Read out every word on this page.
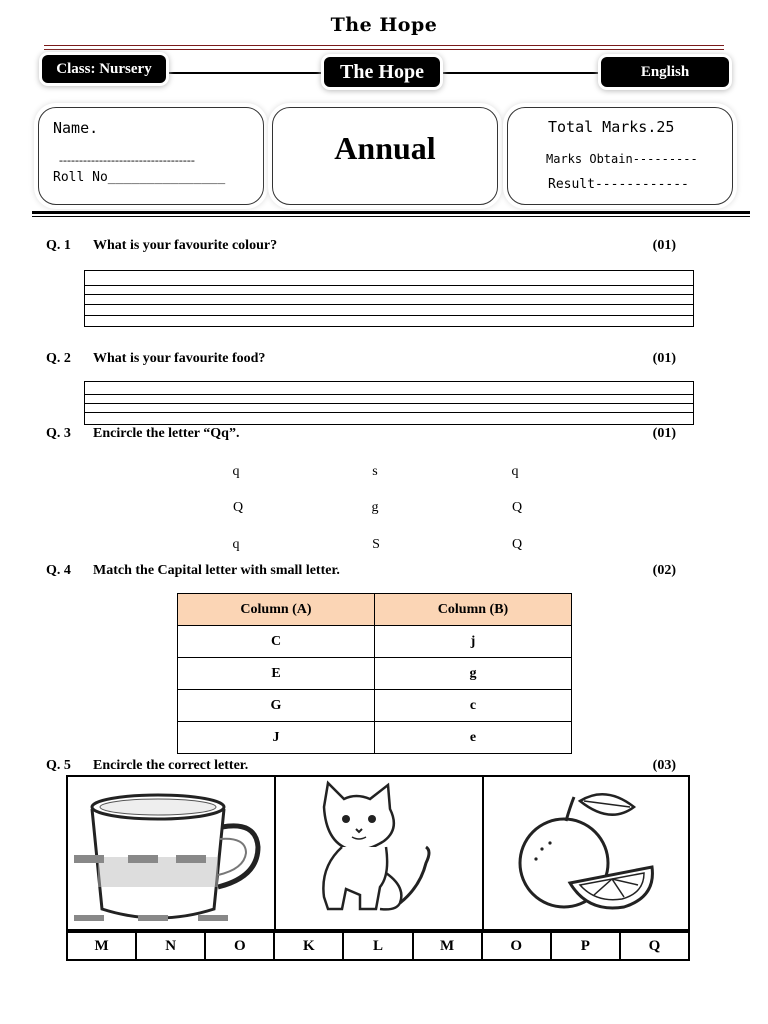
The Hope
Class: Nursery	The Hope	English
Name.
----------------------------------
Roll No_______________
Annual
Total Marks.25
Marks Obtain---------
Result------------
Q. 1 What is your favourite colour?	(01)
Q. 2 What is your favourite food?	(01)
Q. 3 Encircle the letter “Qq”.	(01)
q	s	q
Q	g	Q
q	S	Q
Q. 4 Match the Capital letter with small letter.	(02)
Column (A)	Column (B)
C	j
E	g
G	c
J	e
Q. 5 Encircle the correct letter.	(03)
M	N	O	K	L	M	O	P	Q
